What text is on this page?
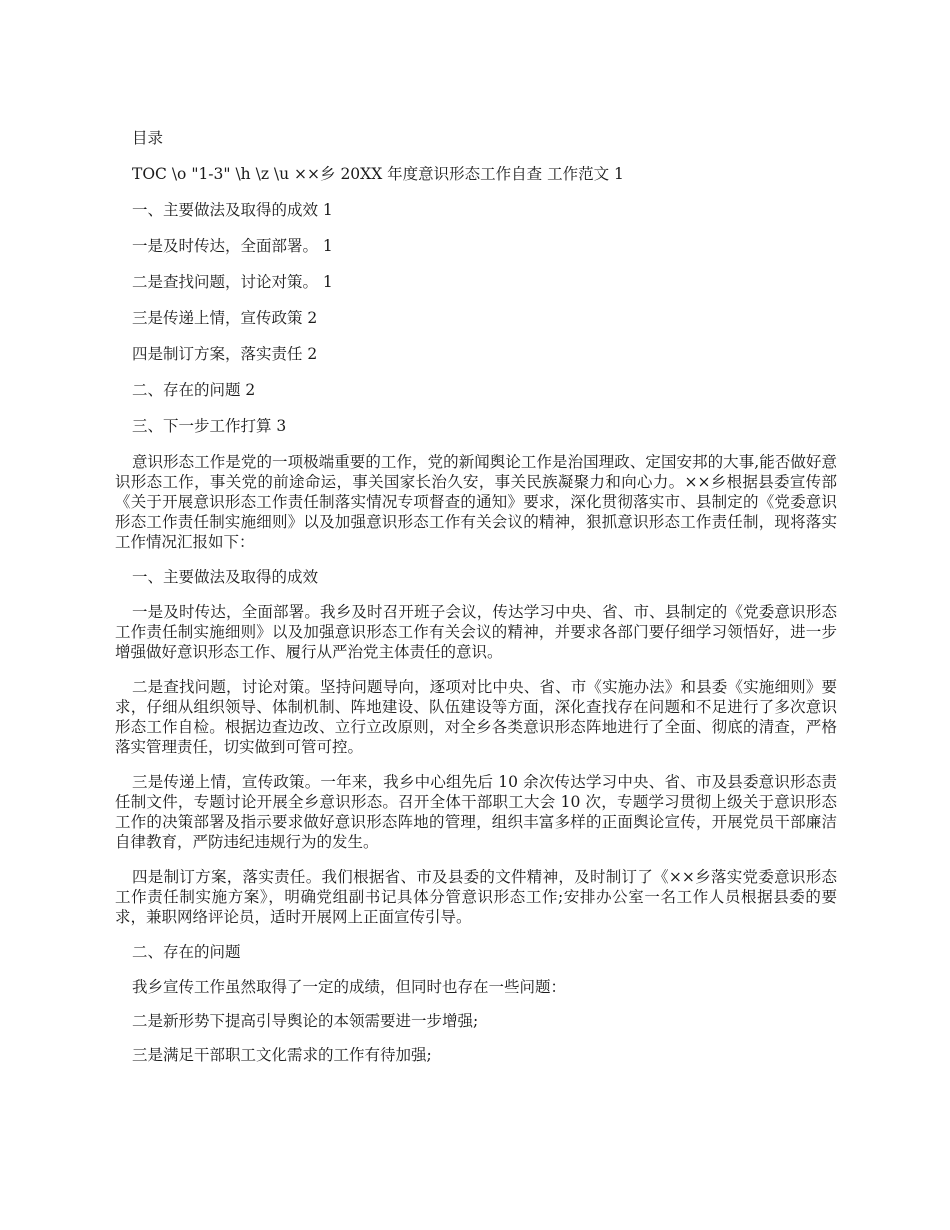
目录

TOC \o "1-3" \h \z \u ××乡 20XX 年度意识形态工作自查 工作范文 1

一、主要做法及取得的成效 1

一是及时传达，全面部署。 1

二是查找问题，讨论对策。 1

三是传递上情，宣传政策 2

四是制订方案，落实责任 2

二、存在的问题 2

三、下一步工作打算 3

意识形态工作是党的一项极端重要的工作，党的新闻舆论工作是治国理政、定国安邦的大事,能否做好意识形态工作，事关党的前途命运，事关国家长治久安，事关民族凝聚力和向心力。××乡根据县委宣传部《关于开展意识形态工作责任制落实情况专项督查的通知》要求，深化贯彻落实市、县制定的《党委意识形态工作责任制实施细则》以及加强意识形态工作有关会议的精神，狠抓意识形态工作责任制，现将落实工作情况汇报如下：

一、主要做法及取得的成效

一是及时传达，全面部署。我乡及时召开班子会议，传达学习中央、省、市、县制定的《党委意识形态工作责任制实施细则》以及加强意识形态工作有关会议的精神，并要求各部门要仔细学习领悟好，进一步增强做好意识形态工作、履行从严治党主体责任的意识。

二是查找问题，讨论对策。坚持问题导向，逐项对比中央、省、市《实施办法》和县委《实施细则》要求，仔细从组织领导、体制机制、阵地建设、队伍建设等方面，深化查找存在问题和不足进行了多次意识形态工作自检。根据边查边改、立行立改原则，对全乡各类意识形态阵地进行了全面、彻底的清查，严格落实管理责任，切实做到可管可控。

三是传递上情，宣传政策。一年来，我乡中心组先后 10 余次传达学习中央、省、市及县委意识形态责任制文件，专题讨论开展全乡意识形态。召开全体干部职工大会 10 次，专题学习贯彻上级关于意识形态工作的决策部署及指示要求做好意识形态阵地的管理，组织丰富多样的正面舆论宣传，开展党员干部廉洁自律教育，严防违纪违规行为的发生。

四是制订方案，落实责任。我们根据省、市及县委的文件精神，及时制订了《××乡落实党委意识形态工作责任制实施方案》，明确党组副书记具体分管意识形态工作;安排办公室一名工作人员根据县委的要求，兼职网络评论员，适时开展网上正面宣传引导。

二、存在的问题

我乡宣传工作虽然取得了一定的成绩，但同时也存在一些问题：

二是新形势下提高引导舆论的本领需要进一步增强;

三是满足干部职工文化需求的工作有待加强;
